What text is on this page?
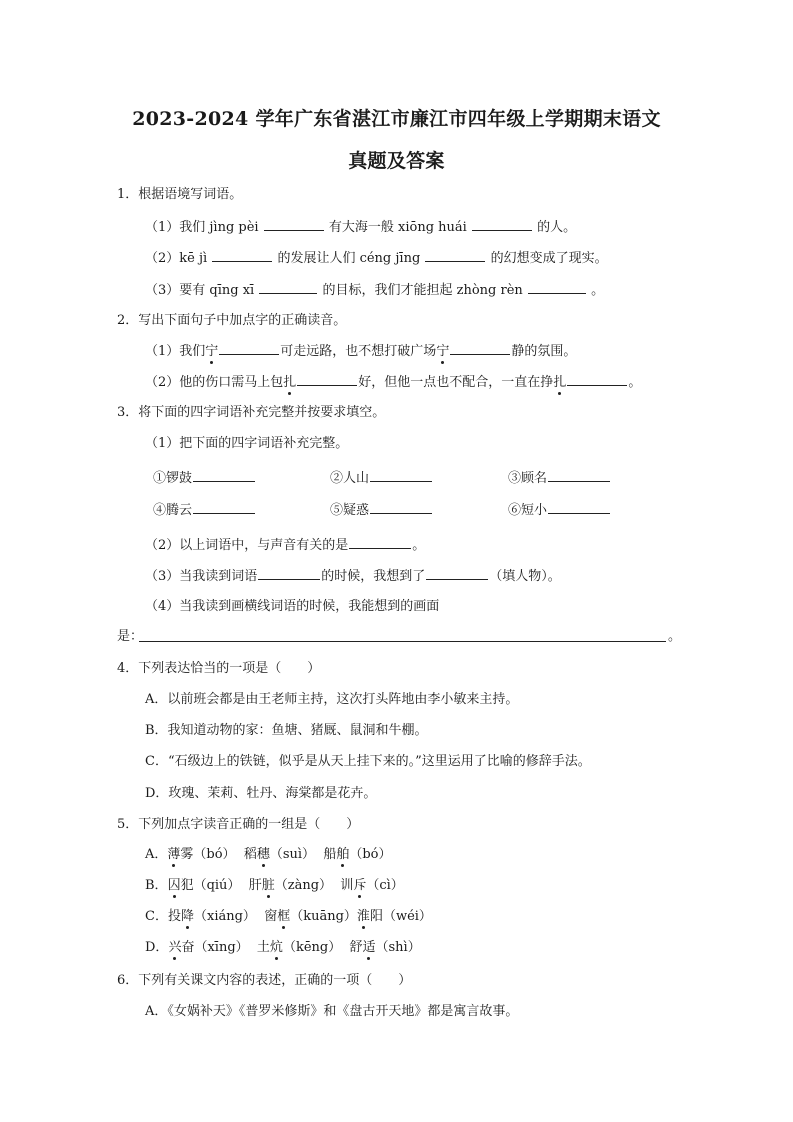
2023-2024 学年广东省湛江市廉江市四年级上学期期末语文
真题及答案
1．根据语境写词语。
（1）我们 jìng pèi	有大海一般 xiōng huái	的人。
（2）kē jì	的发展让人们 céng jīng	的幻想变成了现实。
（3）要有 qīng xī	的目标，我们才能担起 zhòng rèn	。
2．写出下面句子中加点字的正确读音。
（1）我们宁	可走远路，也不想打破广场宁	静的氛围。
（2）他的伤口需马上包扎	好，但他一点也不配合，一直在挣扎	。
3．将下面的四字词语补充完整并按要求填空。
（1）把下面的四字词语补充完整。
①锣鼓	②人山	③顾名
④腾云	⑤疑惑	⑥短小
（2）以上词语中，与声音有关的是	。
（3）当我读到词语	的时候，我想到了	（填人物）。
（4）当我读到画横线词语的时候，我能想到的画面
是：	。
4．下列表达恰当的一项是（　　）
A．以前班会都是由王老师主持，这次打头阵地由李小敏来主持。
B．我知道动物的家：鱼塘、猪厩、鼠洞和牛棚。
C．“石级边上的铁链，似乎是从天上挂下来的。”这里运用了比喻的修辞手法。
D．玫瑰、茉莉、牡丹、海棠都是花卉。
5．下列加点字读音正确的一组是（　　）
A．薄雾（bó） 稻穗（suì） 船舶（bó）
B．囚犯（qiú） 肝脏（zàng） 训斥（cì）
C．投降（xiáng） 窗框（kuāng）淮阳（wéi）
D．兴奋（xīng） 土炕（kēng） 舒适（shì）
6．下列有关课文内容的表述，正确的一项（　　）
A．《女娲补天》《普罗米修斯》和《盘古开天地》都是寓言故事。
